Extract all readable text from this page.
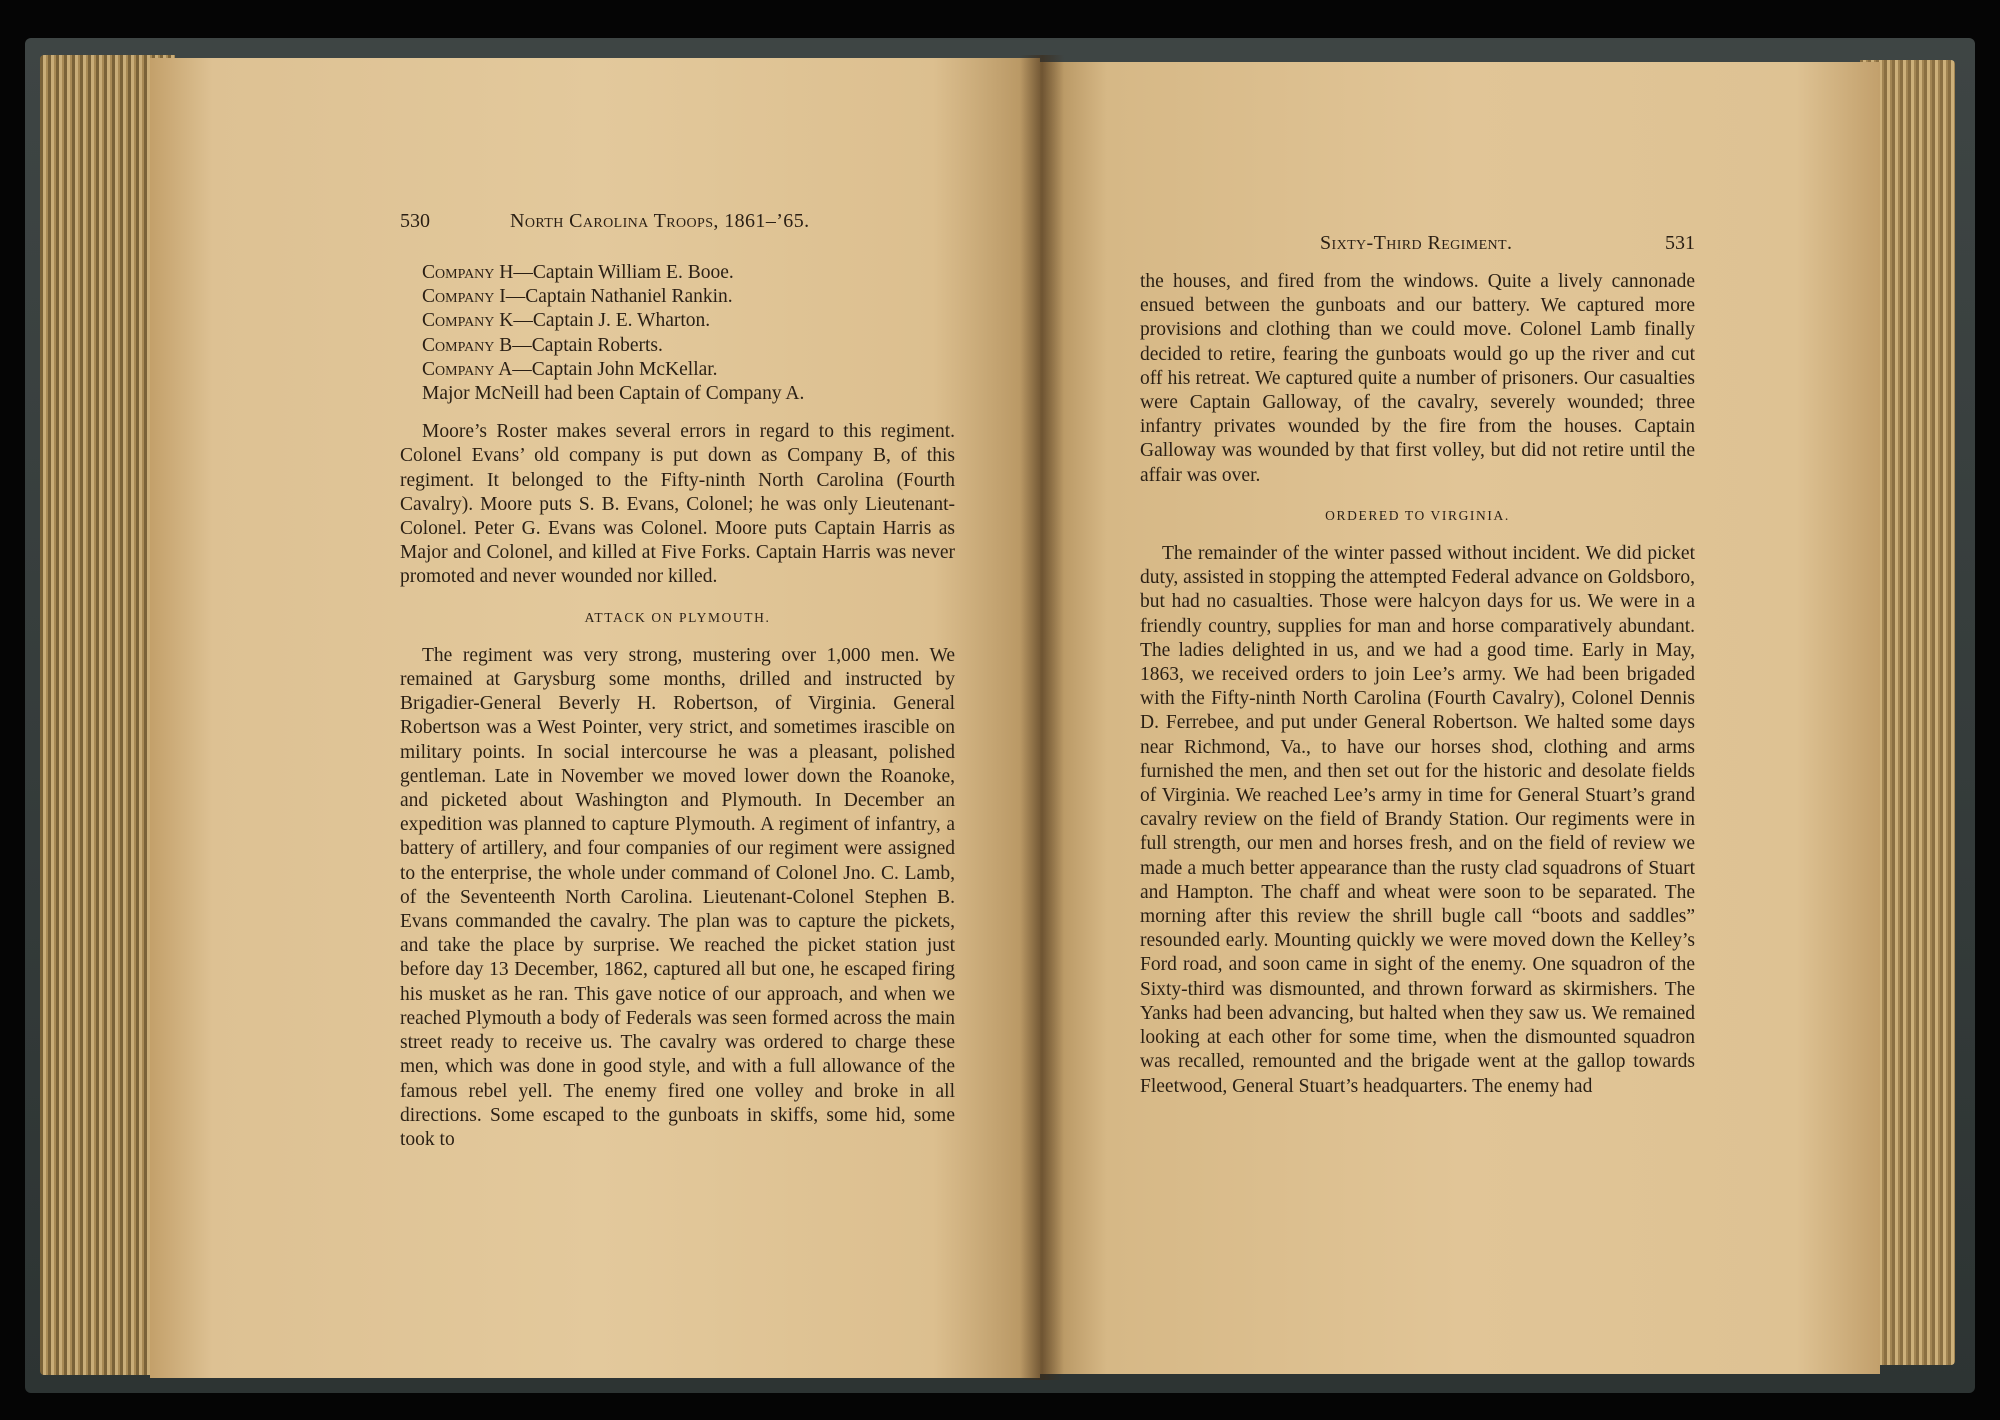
530	North Carolina Troops, 1861–’65.

Company H—Captain William E. Booe.

Company I—Captain Nathaniel Rankin.

Company K—Captain J. E. Wharton.

Company B—Captain Roberts.

Company A—Captain John McKellar.

Major McNeill had been Captain of Company A.

Moore’s Roster makes several errors in regard to this regiment. Colonel Evans’ old company is put down as Company B, of this regiment. It belonged to the Fifty-ninth North Carolina (Fourth Cavalry). Moore puts S. B. Evans, Colonel; he was only Lieutenant-Colonel. Peter G. Evans was Colonel. Moore puts Captain Harris as Major and Colonel, and killed at Five Forks. Captain Harris was never promoted and never wounded nor killed.

ATTACK ON PLYMOUTH.

The regiment was very strong, mustering over 1,000 men. We remained at Garysburg some months, drilled and instructed by Brigadier-General Beverly H. Robertson, of Virginia. General Robertson was a West Pointer, very strict, and sometimes irascible on military points. In social intercourse he was a pleasant, polished gentleman. Late in November we moved lower down the Roanoke, and picketed about Washington and Plymouth. In December an expedition was planned to capture Plymouth. A regiment of infantry, a battery of artillery, and four companies of our regiment were assigned to the enterprise, the whole under command of Colonel Jno. C. Lamb, of the Seventeenth North Carolina. Lieutenant-Colonel Stephen B. Evans commanded the cavalry. The plan was to capture the pickets, and take the place by surprise. We reached the picket station just before day 13 December, 1862, captured all but one, he escaped firing his musket as he ran. This gave notice of our approach, and when we reached Plymouth a body of Federals was seen formed across the main street ready to receive us. The cavalry was ordered to charge these men, which was done in good style, and with a full allowance of the famous rebel yell. The enemy fired one volley and broke in all directions. Some escaped to the gunboats in skiffs, some hid, some took to

Sixty-Third Regiment.	531

the houses, and fired from the windows. Quite a lively cannonade ensued between the gunboats and our battery. We captured more provisions and clothing than we could move. Colonel Lamb finally decided to retire, fearing the gunboats would go up the river and cut off his retreat. We captured quite a number of prisoners. Our casualties were Captain Galloway, of the cavalry, severely wounded; three infantry privates wounded by the fire from the houses. Captain Galloway was wounded by that first volley, but did not retire until the affair was over.

ORDERED TO VIRGINIA.

The remainder of the winter passed without incident. We did picket duty, assisted in stopping the attempted Federal advance on Goldsboro, but had no casualties. Those were halcyon days for us. We were in a friendly country, supplies for man and horse comparatively abundant. The ladies delighted in us, and we had a good time. Early in May, 1863, we received orders to join Lee’s army. We had been brigaded with the Fifty-ninth North Carolina (Fourth Cavalry), Colonel Dennis D. Ferrebee, and put under General Robertson. We halted some days near Richmond, Va., to have our horses shod, clothing and arms furnished the men, and then set out for the historic and desolate fields of Virginia. We reached Lee’s army in time for General Stuart’s grand cavalry review on the field of Brandy Station. Our regiments were in full strength, our men and horses fresh, and on the field of review we made a much better appearance than the rusty clad squadrons of Stuart and Hampton. The chaff and wheat were soon to be separated. The morning after this review the shrill bugle call “boots and saddles” resounded early. Mounting quickly we were moved down the Kelley’s Ford road, and soon came in sight of the enemy. One squadron of the Sixty-third was dismounted, and thrown forward as skirmishers. The Yanks had been advancing, but halted when they saw us. We remained looking at each other for some time, when the dismounted squadron was recalled, remounted and the brigade went at the gallop towards Fleetwood, General Stuart’s headquarters. The enemy had
